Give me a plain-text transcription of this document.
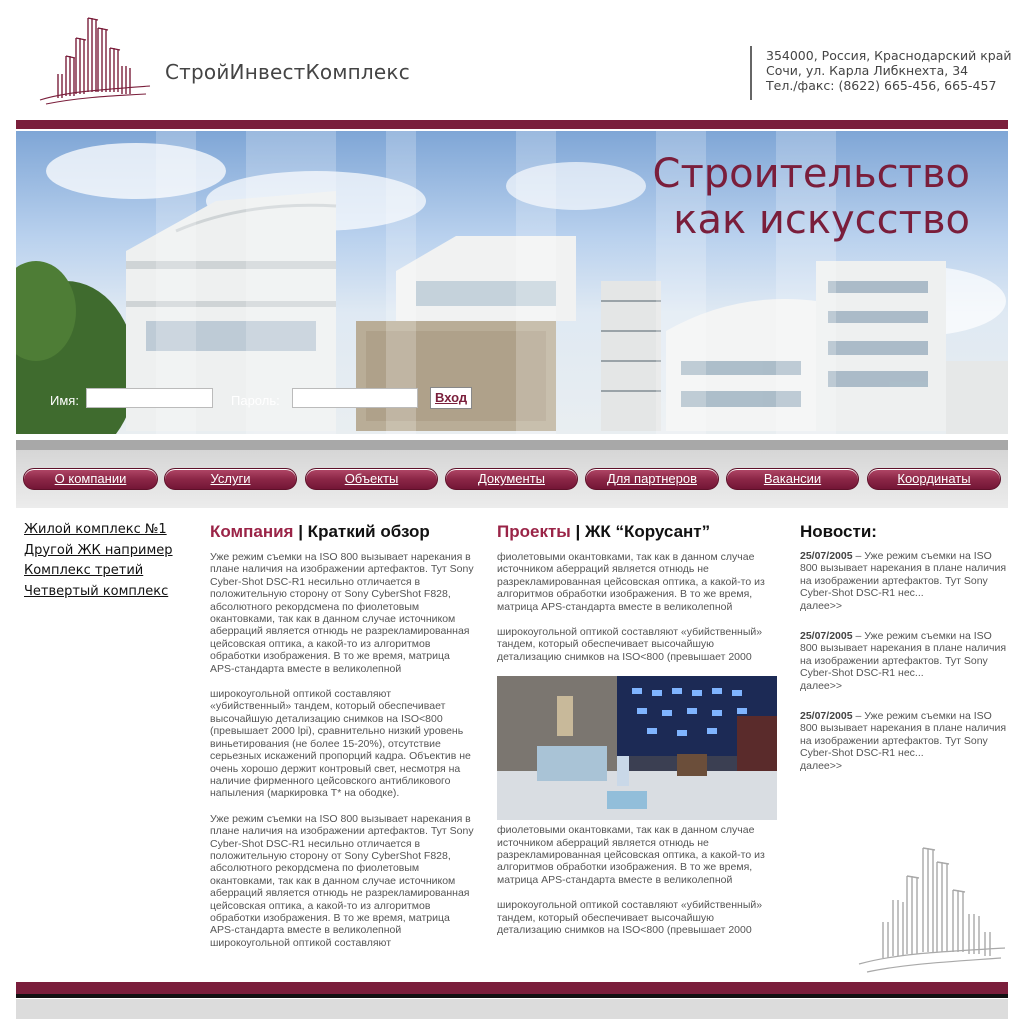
СтройИнвестКомплекс
354000, Россия, Краснодарский край
Сочи, ул. Карла Либкнехта, 34
Тел./факс: (8622) 665-456, 665-457
Строительство
как искусство
Имя:	Пароль:	Вход
О компании	Услуги	Объекты	Документы	Для партнеров	Вакансии	Координаты
Жилой комплекс №1
Другой ЖК например
Комплекс третий
Четвертый комплекс
Компания | Краткий обзор

Уже режим съемки на ISO 800 вызывает нарекания в плане наличия на изображении артефактов. Тут Sony Cyber-Shot DSC-R1 несильно отличается в положительную сторону от Sony CyberShot F828, абсолютного рекордсмена по фиолетовым окантовками, так как в данном случае источником аберраций является отнюдь не разрекламированная цейсовская оптика, а какой-то из алгоритмов обработки изображения. В то же время, матрица APS-стандарта вместе в великолепной

широкоугольной оптикой составляют «убийственный» тандем, который обеспечивает высочайшую детализацию снимков на ISO<800 (превышает 2000 lpi), сравнительно низкий уровень виньетирования (не более 15-20%), отсутствие серьезных искажений пропорций кадра. Объектив не очень хорошо держит контровый свет, несмотря на наличие фирменного цейсовского антибликового напыления (маркировка T* на ободке).

Уже режим съемки на ISO 800 вызывает нарекания в плане наличия на изображении артефактов. Тут Sony Cyber-Shot DSC-R1 несильно отличается в положительную сторону от Sony CyberShot F828, абсолютного рекордсмена по фиолетовым окантовками, так как в данном случае источником аберраций является отнюдь не разрекламированная цейсовская оптика, а какой-то из алгоритмов обработки изображения. В то же время, матрица APS-стандарта вместе в великолепной широкоугольной оптикой составляют

Проекты | ЖК “Корусант”

фиолетовыми окантовками, так как в данном случае источником аберраций является отнюдь не разрекламированная цейсовская оптика, а какой-то из алгоритмов обработки изображения. В то же время, матрица APS-стандарта вместе в великолепной

широкоугольной оптикой составляют «убийственный» тандем, который обеспечивает высочайшую детализацию снимков на ISO<800 (превышает 2000

фиолетовыми окантовками, так как в данном случае источником аберраций является отнюдь не разрекламированная цейсовская оптика, а какой-то из алгоритмов обработки изображения. В то же время, матрица APS-стандарта вместе в великолепной

широкоугольной оптикой составляют «убийственный» тандем, который обеспечивает высочайшую детализацию снимков на ISO<800 (превышает 2000

Новости:
25/07/2005 – Уже режим съемки на ISO 800 вызывает нарекания в плане наличия на изображении артефактов. Тут Sony Cyber-Shot DSC-R1 нес...
далее>>
25/07/2005 – Уже режим съемки на ISO 800 вызывает нарекания в плане наличия на изображении артефактов. Тут Sony Cyber-Shot DSC-R1 нес...
далее>>
25/07/2005 – Уже режим съемки на ISO 800 вызывает нарекания в плане наличия на изображении артефактов. Тут Sony Cyber-Shot DSC-R1 нес...
далее>>
